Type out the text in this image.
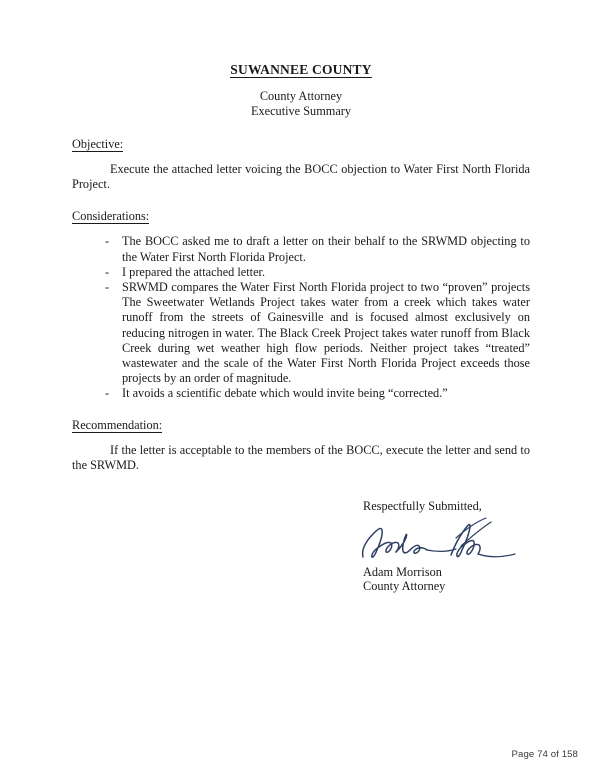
SUWANNEE COUNTY
County Attorney
Executive Summary
Objective:

Execute the attached letter voicing the BOCC objection to Water First North Florida Project.

Considerations:
- The BOCC asked me to draft a letter on their behalf to the SRWMD objecting to the Water First North Florida Project.
- I prepared the attached letter.
- SRWMD compares the Water First North Florida project to two “proven” projects The Sweetwater Wetlands Project takes water from a creek which takes water runoff from the streets of Gainesville and is focused almost exclusively on reducing nitrogen in water. The Black Creek Project takes water runoff from Black Creek during wet weather high flow periods. Neither project takes “treated” wastewater and the scale of the Water First North Florida Project exceeds those projects by an order of magnitude.
- It avoids a scientific debate which would invite being “corrected.”
Recommendation:

If the letter is acceptable to the members of the BOCC, execute the letter and send to the SRWMD.

Respectfully Submitted,
Adam Morrison
County Attorney
Page 74 of 158
